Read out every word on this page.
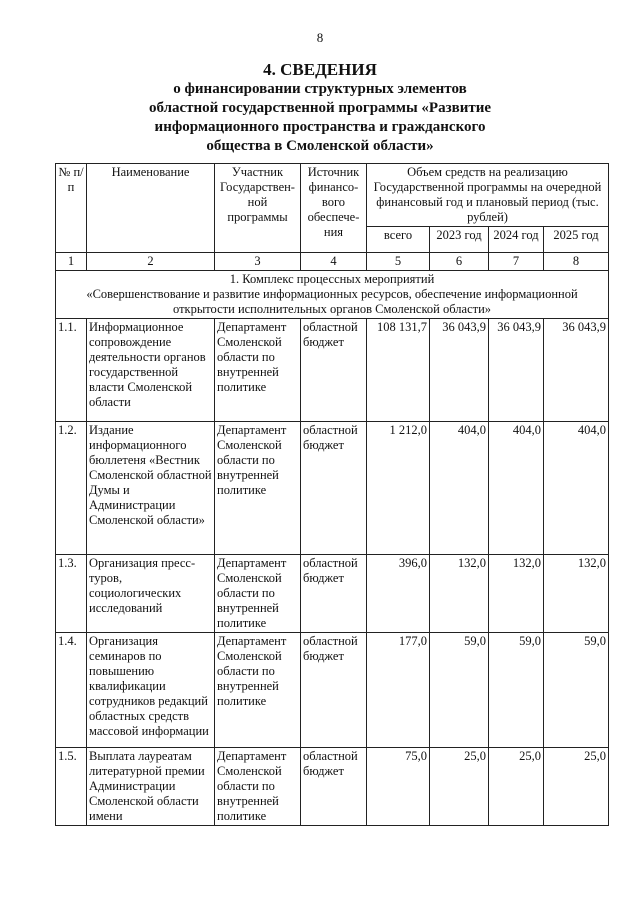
8
4. СВЕДЕНИЯ
о финансировании структурных элементов
областной государственной программы «Развитие
информационного пространства и гражданского
общества в Смоленской области»
№ п/п	Наименование	Участник Государствен-ной программы	Источник финансо-вого обеспече-ния	Объем средств на реализацию Государственной программы на очередной финансовый год и плановый период (тыс. рублей)			
				всего	2023 год	2024 год	2025 год
1	2	3	4	5	6	7	8

1. Комплекс процессных мероприятий
«Совершенствование и развитие информационных ресурсов, обеспечение информационной открытости исполнительных органов Смоленской области»							

1.1.	Информационное сопровождение деятельности органов государственной власти Смоленской области	Департамент Смоленской области по внутренней политике	областной бюджет	108 131,7	36 043,9	36 043,9	36 043,9
1.2.	Издание информационного бюллетеня «Вестник Смоленской областной Думы и Администрации Смоленской области»	Департамент Смоленской области по внутренней политике	областной бюджет	1 212,0	404,0	404,0	404,0
1.3.	Организация пресс-туров, социологических исследований	Департамент Смоленской области по внутренней политике	областной бюджет	396,0	132,0	132,0	132,0
1.4.	Организация семинаров по повышению квалификации сотрудников редакций областных средств массовой информации	Департамент Смоленской области по внутренней политике	областной бюджет	177,0	59,0	59,0	59,0
1.5.	Выплата лауреатам литературной премии Администрации Смоленской области имени	Департамент Смоленской области по внутренней политике	областной бюджет	75,0	25,0	25,0	25,0
